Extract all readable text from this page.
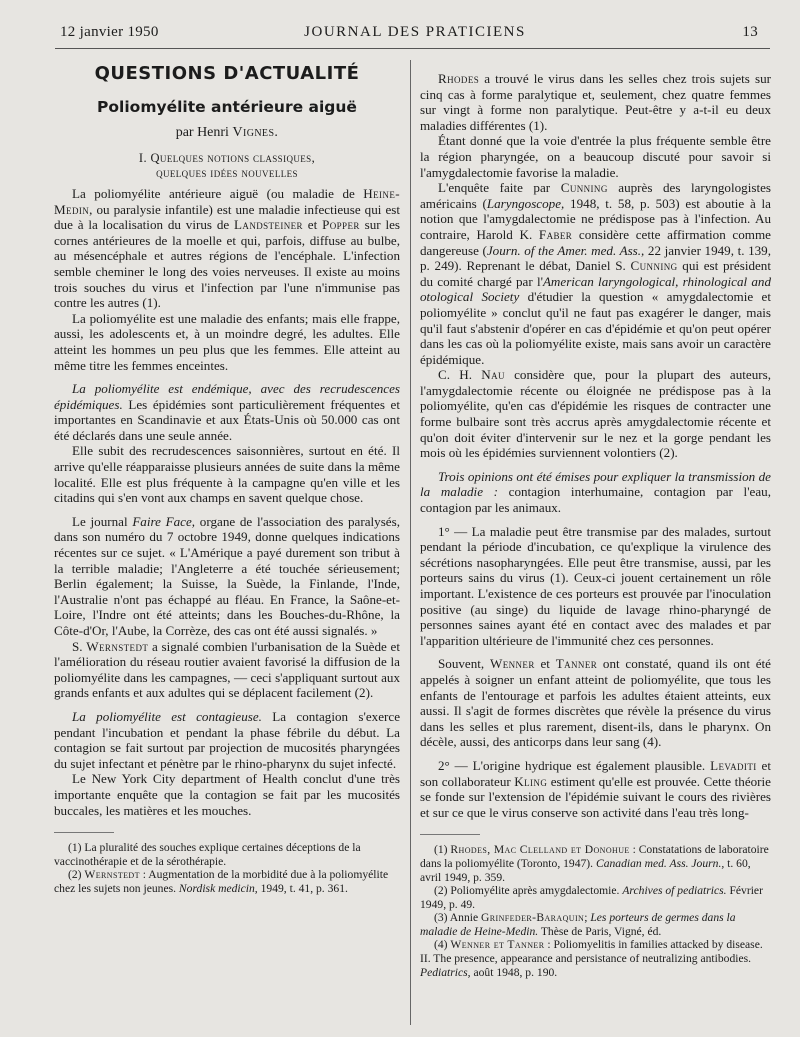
12 janvier 1950	JOURNAL DES PRATICIENS	13
QUESTIONS D'ACTUALITÉ
Poliomyélite antérieure aiguë
par Henri Vignes.
I. Quelques notions classiques,
quelques idées nouvelles

La poliomyélite antérieure aiguë (ou maladie de Heine-Medin, ou paralysie infantile) est une maladie infectieuse qui est due à la localisation du virus de Landsteiner et Popper sur les cornes antérieures de la moelle et qui, parfois, diffuse au bulbe, au mésencéphale et autres régions de l'encéphale. L'infection semble cheminer le long des voies nerveuses. Il existe au moins trois souches du virus et l'infection par l'une n'immunise pas contre les autres (1).

La poliomyélite est une maladie des enfants; mais elle frappe, aussi, les adolescents et, à un moindre degré, les adultes. Elle atteint les hommes un peu plus que les femmes. Elle atteint au même titre les femmes enceintes.

La poliomyélite est endémique, avec des recrudescences épidémiques. Les épidémies sont particulièrement fréquentes et importantes en Scandinavie et aux États-Unis où 50.000 cas ont été déclarés dans une seule année.

Elle subit des recrudescences saisonnières, surtout en été. Il arrive qu'elle réapparaisse plusieurs années de suite dans la même localité. Elle est plus fréquente à la campagne qu'en ville et les citadins qui s'en vont aux champs en savent quelque chose.

Le journal Faire Face, organe de l'association des paralysés, dans son numéro du 7 octobre 1949, donne quelques indications récentes sur ce sujet. « L'Amérique a payé durement son tribut à la terrible maladie; l'Angleterre a été touchée sérieusement; Berlin également; la Suisse, la Suède, la Finlande, l'Inde, l'Australie n'ont pas échappé au fléau. En France, la Saône-et-Loire, l'Indre ont été atteints; dans les Bouches-du-Rhône, la Côte-d'Or, l'Aube, la Corrèze, des cas ont été aussi signalés. »

S. Wernstedt a signalé combien l'urbanisation de la Suède et l'amélioration du réseau routier avaient favorisé la diffusion de la poliomyélite dans les campagnes, — ceci s'appliquant surtout aux grands enfants et aux adultes qui se déplacent facilement (2).

La poliomyélite est contagieuse. La contagion s'exerce pendant l'incubation et pendant la phase fébrile du début. La contagion se fait surtout par projection de mucosités pharyngées du sujet infectant et pénètre par le rhino-pharynx du sujet infecté.

Le New York City department of Health conclut d'une très importante enquête que la contagion se fait par les mucosités buccales, les matières et les mouches.

(1) La pluralité des souches explique certaines déceptions de la vaccinothérapie et de la sérothérapie.

(2) Wernstedt : Augmentation de la morbidité due à la poliomyélite chez les sujets non jeunes. Nordisk medicin, 1949, t. 41, p. 361.

Rhodes a trouvé le virus dans les selles chez trois sujets sur cinq cas à forme paralytique et, seulement, chez quatre femmes sur vingt à forme non paralytique. Peut-être y a-t-il eu deux maladies différentes (1).

Étant donné que la voie d'entrée la plus fréquente semble être la région pharyngée, on a beaucoup discuté pour savoir si l'amygdalectomie favorise la maladie.

L'enquête faite par Cunning auprès des laryngologistes américains (Laryngoscope, 1948, t. 58, p. 503) est aboutie à la notion que l'amygdalectomie ne prédispose pas à l'infection. Au contraire, Harold K. Faber considère cette affirmation comme dangereuse (Journ. of the Amer. med. Ass., 22 janvier 1949, t. 139, p. 249). Reprenant le débat, Daniel S. Cunning qui est président du comité chargé par l'American laryngological, rhinological and otological Society d'étudier la question « amygdalectomie et poliomyélite » conclut qu'il ne faut pas exagérer le danger, mais qu'il faut s'abstenir d'opérer en cas d'épidémie et qu'on peut opérer dans les cas où la poliomyélite existe, mais sans avoir un caractère épidémique.

C. H. Nau considère que, pour la plupart des auteurs, l'amygdalectomie récente ou éloignée ne prédispose pas à la poliomyélite, qu'en cas d'épidémie les risques de contracter une forme bulbaire sont très accrus après amygdalectomie récente et qu'on doit éviter d'intervenir sur le nez et la gorge pendant les mois où les épidémies surviennent volontiers (2).

Trois opinions ont été émises pour expliquer la transmission de la maladie : contagion interhumaine, contagion par l'eau, contagion par les animaux.

1° — La maladie peut être transmise par des malades, surtout pendant la période d'incubation, ce qu'explique la virulence des sécrétions nasopharyngées. Elle peut être transmise, aussi, par les porteurs sains du virus (1). Ceux-ci jouent certainement un rôle important. L'existence de ces porteurs est prouvée par l'inoculation positive (au singe) du liquide de lavage rhino-pharyngé de personnes saines ayant été en contact avec des malades et par l'apparition ultérieure de l'immunité chez ces personnes.

Souvent, Wenner et Tanner ont constaté, quand ils ont été appelés à soigner un enfant atteint de poliomyélite, que tous les enfants de l'entourage et parfois les adultes étaient atteints, eux aussi. Il s'agit de formes discrètes que révèle la présence du virus dans les selles et plus rarement, disent-ils, dans le pharynx. On décèle, aussi, des anticorps dans leur sang (4).

2° — L'origine hydrique est également plausible. Levaditi et son collaborateur Kling estiment qu'elle est prouvée. Cette théorie se fonde sur l'extension de l'épidémie suivant le cours des rivières et sur ce que le virus conserve son activité dans l'eau très long-

(1) Rhodes, Mac Clelland et Donohue : Constatations de laboratoire dans la poliomyélite (Toronto, 1947). Canadian med. Ass. Journ., t. 60, avril 1949, p. 359.

(2) Poliomyélite après amygdalectomie. Archives of pediatrics. Février 1949, p. 49.

(3) Annie Grinfeder-Baraquin; Les porteurs de germes dans la maladie de Heine-Medin. Thèse de Paris, Vigné, éd.

(4) Wenner et Tanner : Poliomyelitis in families attacked by disease. II. The presence, appearance and persistance of neutralizing antibodies. Pediatrics, août 1948, p. 190.
